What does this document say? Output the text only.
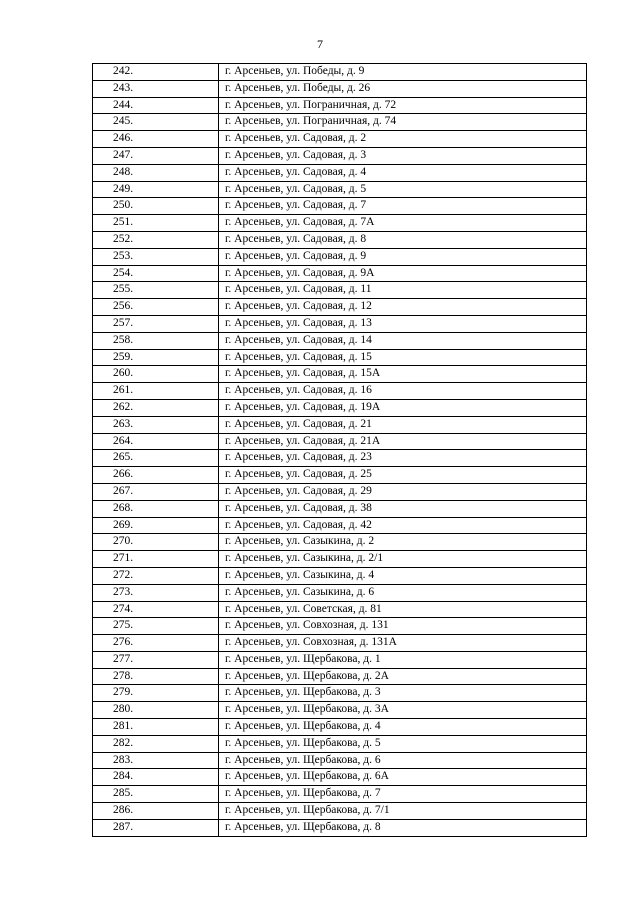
7
242.	г. Арсеньев, ул. Победы, д. 9
243.	г. Арсеньев, ул. Победы, д. 26
244.	г. Арсеньев, ул. Пограничная, д. 72
245.	г. Арсеньев, ул. Пограничная, д. 74
246.	г. Арсеньев, ул. Садовая, д. 2
247.	г. Арсеньев, ул. Садовая, д. 3
248.	г. Арсеньев, ул. Садовая, д. 4
249.	г. Арсеньев, ул. Садовая, д. 5
250.	г. Арсеньев, ул. Садовая, д. 7
251.	г. Арсеньев, ул. Садовая, д. 7А
252.	г. Арсеньев, ул. Садовая, д. 8
253.	г. Арсеньев, ул. Садовая, д. 9
254.	г. Арсеньев, ул. Садовая, д. 9А
255.	г. Арсеньев, ул. Садовая, д. 11
256.	г. Арсеньев, ул. Садовая, д. 12
257.	г. Арсеньев, ул. Садовая, д. 13
258.	г. Арсеньев, ул. Садовая, д. 14
259.	г. Арсеньев, ул. Садовая, д. 15
260.	г. Арсеньев, ул. Садовая, д. 15А
261.	г. Арсеньев, ул. Садовая, д. 16
262.	г. Арсеньев, ул. Садовая, д. 19А
263.	г. Арсеньев, ул. Садовая, д. 21
264.	г. Арсеньев, ул. Садовая, д. 21А
265.	г. Арсеньев, ул. Садовая, д. 23
266.	г. Арсеньев, ул. Садовая, д. 25
267.	г. Арсеньев, ул. Садовая, д. 29
268.	г. Арсеньев, ул. Садовая, д. 38
269.	г. Арсеньев, ул. Садовая, д. 42
270.	г. Арсеньев, ул. Сазыкина, д. 2
271.	г. Арсеньев, ул. Сазыкина, д. 2/1
272.	г. Арсеньев, ул. Сазыкина, д. 4
273.	г. Арсеньев, ул. Сазыкина, д. 6
274.	г. Арсеньев, ул. Советская, д. 81
275.	г. Арсеньев, ул. Совхозная, д. 131
276.	г. Арсеньев, ул. Совхозная, д. 131А
277.	г. Арсеньев, ул. Щербакова, д. 1
278.	г. Арсеньев, ул. Щербакова, д. 2А
279.	г. Арсеньев, ул. Щербакова, д. 3
280.	г. Арсеньев, ул. Щербакова, д. 3А
281.	г. Арсеньев, ул. Щербакова, д. 4
282.	г. Арсеньев, ул. Щербакова, д. 5
283.	г. Арсеньев, ул. Щербакова, д. 6
284.	г. Арсеньев, ул. Щербакова, д. 6А
285.	г. Арсеньев, ул. Щербакова, д. 7
286.	г. Арсеньев, ул. Щербакова, д. 7/1
287.	г. Арсеньев, ул. Щербакова, д. 8
